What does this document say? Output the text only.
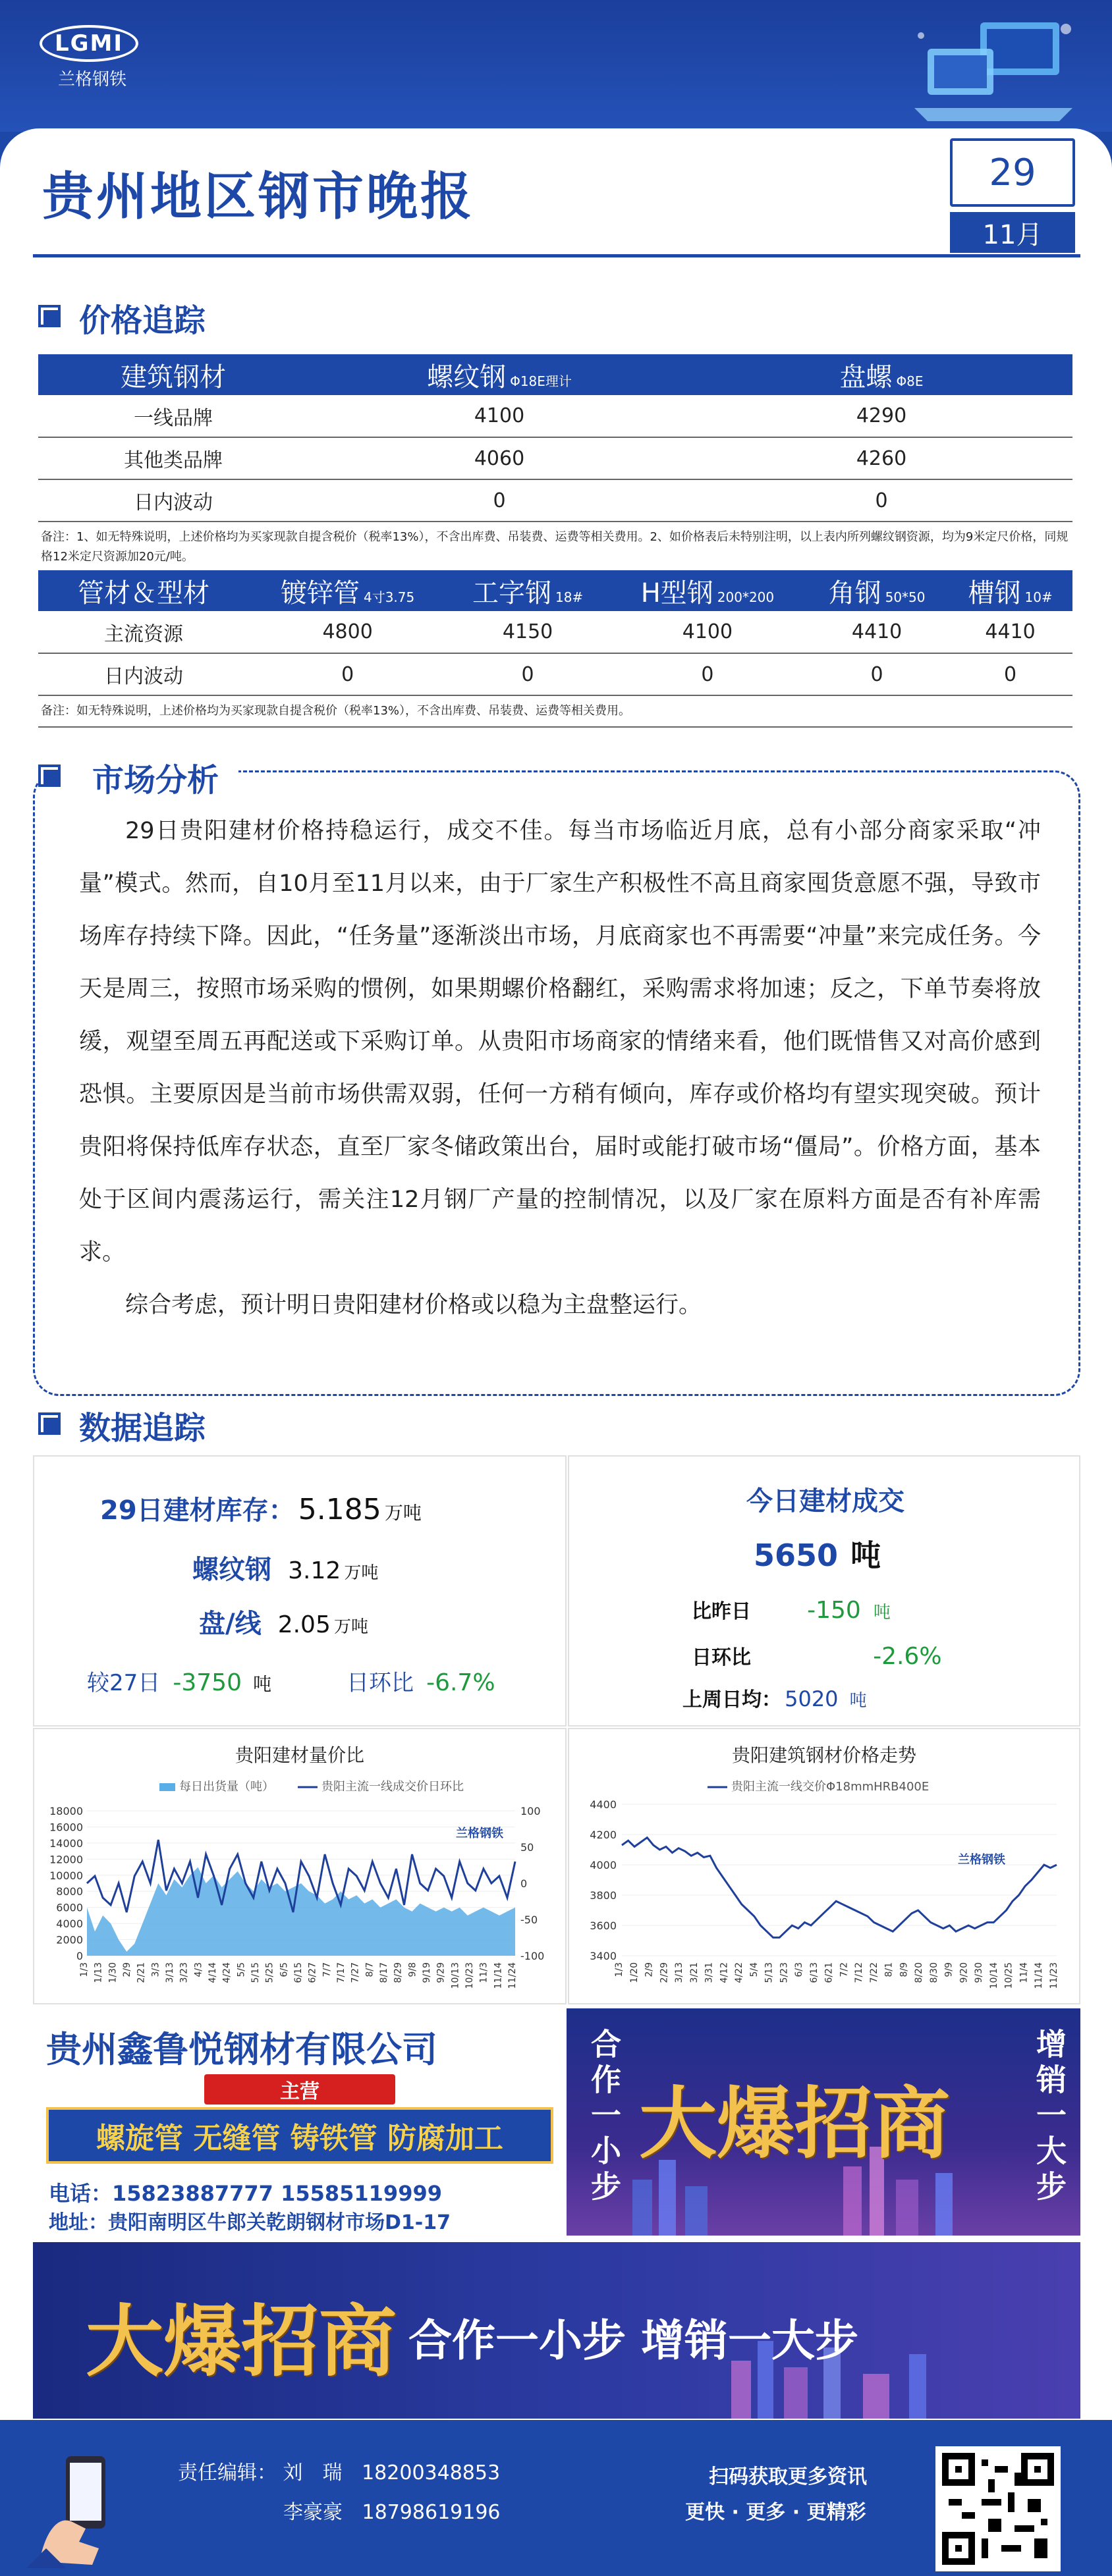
LGMI
兰格钢铁
贵州地区钢市晚报	29
11月
价格追踪
建筑钢材	螺纹钢 Φ18E理计	盘螺 Φ8E
一线品牌	4100	4290
其他类品牌	4060	4260
日内波动	0	0
备注：1、如无特殊说明，上述价格均为买家现款自提含税价（税率13%），不含出库费、吊装费、运费等相关费用。2、如价格表后未特别注明，以上表内所列螺纹钢资源，均为9米定尺价格，同规格12米定尺资源加20元/吨。
管材＆型材	镀锌管 4寸3.75	工字钢 18#	H型钢 200*200	角钢 50*50	槽钢 10#
主流资源	4800	4150	4100	4410	4410
日内波动	0	0	0	0	0
备注：如无特殊说明，上述价格均为买家现款自提含税价（税率13%），不含出库费、吊装费、运费等相关费用。
市场分析

29日贵阳建材价格持稳运行，成交不佳。每当市场临近月底，总有小部分商家采取“冲量”模式。然而，自10月至11月以来，由于厂家生产积极性不高且商家囤货意愿不强，导致市场库存持续下降。因此，“任务量”逐渐淡出市场，月底商家也不再需要“冲量”来完成任务。今天是周三，按照市场采购的惯例，如果期螺价格翻红，采购需求将加速；反之，下单节奏将放缓，观望至周五再配送或下采购订单。从贵阳市场商家的情绪来看，他们既惜售又对高价感到恐惧。主要原因是当前市场供需双弱，任何一方稍有倾向，库存或价格均有望实现突破。预计贵阳将保持低库存状态，直至厂家冬储政策出台，届时或能打破市场“僵局”。价格方面，基本处于区间内震荡运行，需关注12月钢厂产量的控制情况，以及厂家在原料方面是否有补库需求。

综合考虑，预计明日贵阳建材价格或以稳为主盘整运行。

数据追踪
29日建材库存： 5.185 万吨
螺纹钢 3.12 万吨
盘/线 2.05 万吨
较27日 -3750 吨	日环比 -6.7%
今日建材成交
5650 吨
比昨日 -150 吨
日环比	-2.6%
上周日均： 5020 吨
贵阳建材量价比
每日出货量（吨）	贵阳主流一线成交价日环比
0
2000
4000
6000
8000
10000
12000
14000
16000
18000
-100
-50
0
50
100
1/3 1/13 1/30 2/9 2/21 3/3 3/13 3/23 4/3 4/14 4/24 5/5 5/15 5/25 6/5 6/15 6/27 7/7 7/17 7/27 8/7 8/17 8/29 9/8 9/19 9/29 10/13 10/23 11/3 11/14 11/24
兰格钢铁
贵阳建筑钢材价格走势
贵阳主流一线交价Φ18mmHRB400E
3400
3600
3800
4000
4200
4400
1/3 1/20 2/9 2/29 3/13 3/21 3/31 4/12 4/22 5/4 5/13 5/23 6/3 6/13 6/21 7/2 7/12 7/22 8/1 8/9 8/20 8/30 9/9 9/20 9/30 10/14 10/25 11/4 11/14 11/23
兰格钢铁
贵州鑫鲁悦钢材有限公司
主营
螺旋管 无缝管 铸铁管 防腐加工
电话：15823887777 15585119999
地址：贵阳南明区牛郎关乾朗钢材市场D1-17
合作一小步 大爆招商	增销一大步
大爆招商 合作一小步 增销一大步
责任编辑： 刘　瑞 18200348853
李豪豪 18798619196
扫码获取更多资讯
更快 · 更多 · 更精彩
